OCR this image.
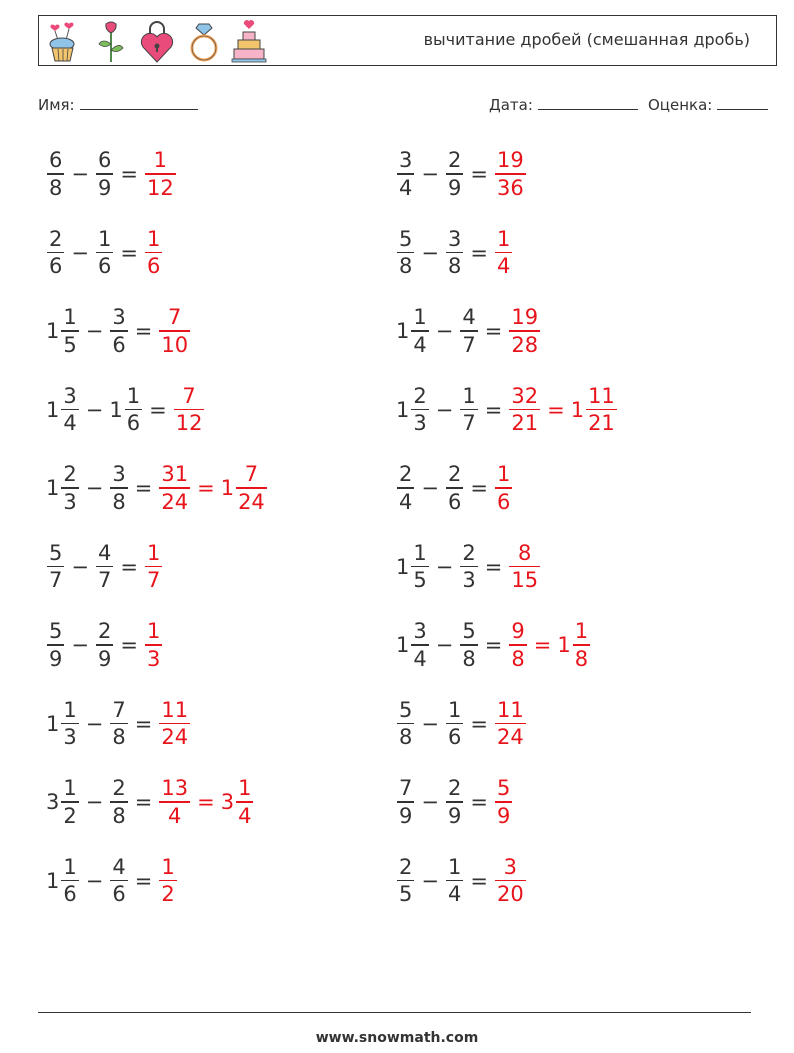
вычитание дробей (смешанная дробь)
Имя:	Дата:	Оценка:
$\frac{6}{8} - \frac{6}{9} = \frac{1}{12}$
$\frac{2}{6} - \frac{1}{6} = \frac{1}{6}$
$1 \frac{1}{5} - \frac{3}{6} = \frac{7}{10}$
$1 \frac{3}{4} - 1 \frac{1}{6} = \frac{7}{12}$
$1 \frac{2}{3} - \frac{3}{8} = \frac{31}{24} = 1 \frac{7}{24}$
$\frac{5}{7} - \frac{4}{7} = \frac{1}{7}$
$\frac{5}{9} - \frac{2}{9} = \frac{1}{3}$
$1 \frac{1}{3} - \frac{7}{8} = \frac{11}{24}$
$3 \frac{1}{2} - \frac{2}{8} = \frac{13}{4} = 3 \frac{1}{4}$
$1 \frac{1}{6} - \frac{4}{6} = \frac{1}{2}$
$\frac{3}{4} - \frac{2}{9} = \frac{19}{36}$
$\frac{5}{8} - \frac{3}{8} = \frac{1}{4}$
$1 \frac{1}{4} - \frac{4}{7} = \frac{19}{28}$
$1 \frac{2}{3} - \frac{1}{7} = \frac{32}{21} = 1 \frac{11}{21}$
$\frac{2}{4} - \frac{2}{6} = \frac{1}{6}$
$1 \frac{1}{5} - \frac{2}{3} = \frac{8}{15}$
$1 \frac{3}{4} - \frac{5}{8} = \frac{9}{8} = 1 \frac{1}{8}$
$\frac{5}{8} - \frac{1}{6} = \frac{11}{24}$
$\frac{7}{9} - \frac{2}{9} = \frac{5}{9}$
$\frac{2}{5} - \frac{1}{4} = \frac{3}{20}$
www.snowmath.com
